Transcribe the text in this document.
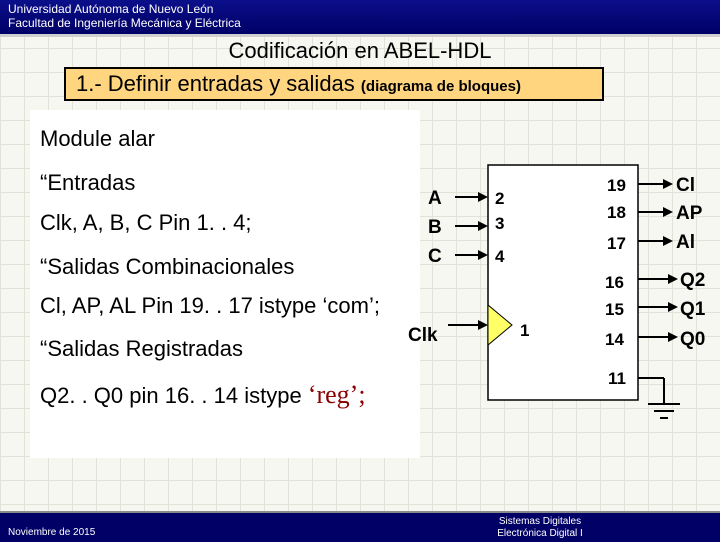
Universidad Autónoma de Nuevo León
Facultad de Ingeniería Mecánica y Eléctrica
Codificación en ABEL-HDL
1.- Definir entradas y salidas (diagrama de bloques)
Module alar
“Entradas
Clk, A, B, C Pin 1. . 4;
“Salidas Combinacionales
Cl, AP, AL Pin 19. . 17 istype ‘com’;
“Salidas Registradas
Q2. . Q0 pin 16. . 14 istype ‘reg’;
A
B
C
Clk
2
3
4
1
19
18
17
16
15
14
11
Cl
AP
Al
Q2
Q1
Q0
Noviembre de 2015
Sistemas Digitales
Electrónica Digital I
